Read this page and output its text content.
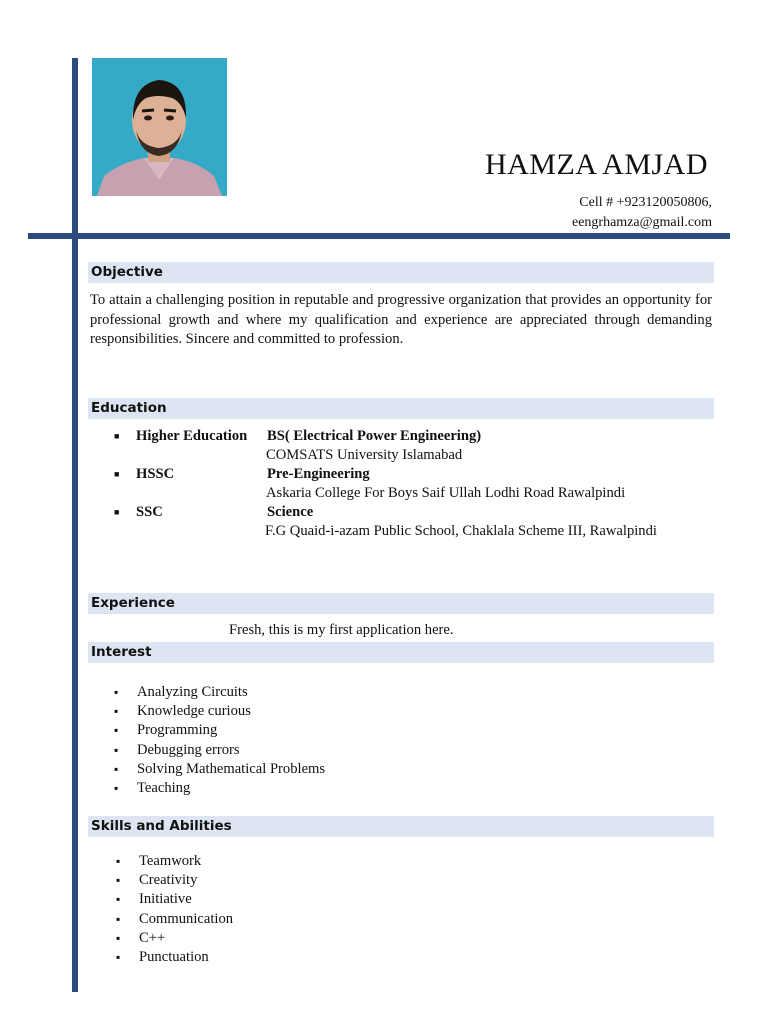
HAMZA AMJAD
Cell # +923120050806,
eengrhamza@gmail.com
Objective
To attain a challenging position in reputable and progressive organization that provides an opportunity for professional growth and where my qualification and experience are appreciated through demanding responsibilities. Sincere and committed to profession.
Education
■ Higher Education BS( Electrical Power Engineering)
COMSATS University Islamabad
■ HSSC	Pre-Engineering
Askaria College For Boys Saif Ullah Lodhi Road Rawalpindi
■ SSC	Science
F.G Quaid-i-azam Public School, Chaklala Scheme III, Rawalpindi
Experience
Fresh, this is my first application here.
Interest
▪ Analyzing Circuits
▪ Knowledge curious
▪ Programming
▪ Debugging errors
▪ Solving Mathematical Problems
▪ Teaching
Skills and Abilities
▪ Teamwork
▪ Creativity
▪ Initiative
▪ Communication
▪ C++
▪ Punctuation
